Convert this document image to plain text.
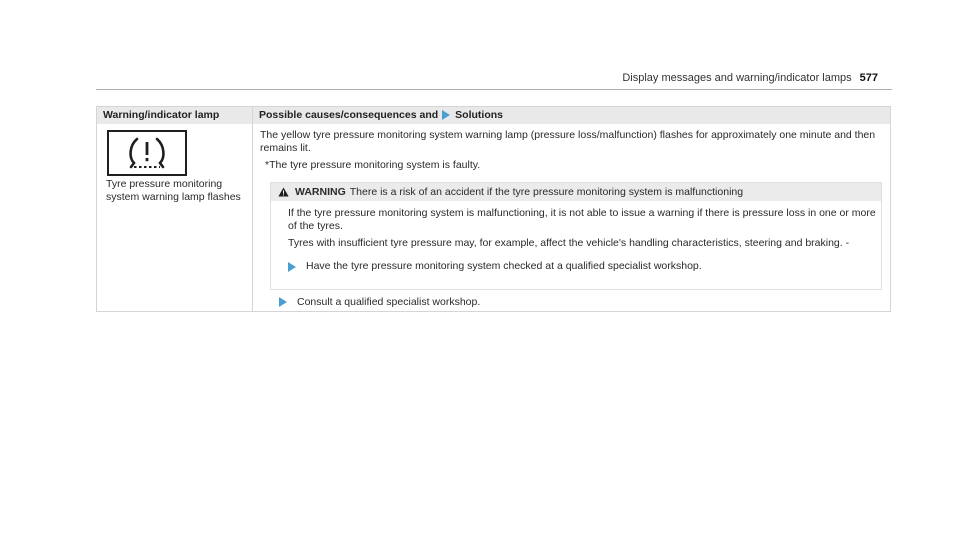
Display messages and warning/indicator lamps 577
Warning/indicator lamp	Possible causes/consequences and Solutions
Tyre pressure monitoring system warning lamp flashes
The yellow tyre pressure monitoring system warning lamp (pressure loss/malfunction) flashes for approximately one minute and then remains lit.
*The tyre pressure monitoring system is faulty.
WARNING There is a risk of an accident if the tyre pressure monitoring system is malfunctioning
If the tyre pressure monitoring system is malfunctioning, it is not able to issue a warning if there is pressure loss in one or more of the tyres.
Tyres with insufficient tyre pressure may, for example, affect the vehicle's handling characteristics, steering and braking. -
Have the tyre pressure monitoring system checked at a qualified specialist workshop.
Consult a qualified specialist workshop.
